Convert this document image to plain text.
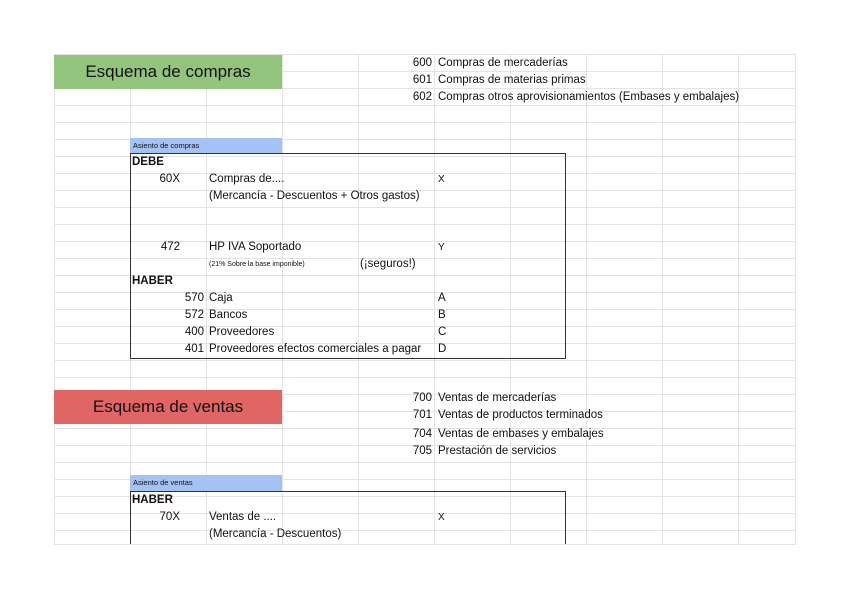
Esquema de compras	600 Compras de mercaderías
601 Compras de materias primas
602 Compras otros aprovisionamientos (Embases y embalajes)
Asiento de compras
DEBE
60X	Compras de....	X
(Mercancía - Descuentos + Otros gastos)
472	HP IVA Soportado	Y
(21% Sobre la base imponible)	(¡seguros!)
HABER
570 Caja	A
572 Bancos	B
400 Proveedores	C
401 Proveedores efectos comerciales a pagar D
Esquema de ventas	700 Ventas de mercaderías
701 Ventas de productos terminados
704 Ventas de embases y embalajes
705 Prestación de servicios
Asiento de ventas
HABER
70X	Ventas de ....	X
(Mercancía - Descuentos)
